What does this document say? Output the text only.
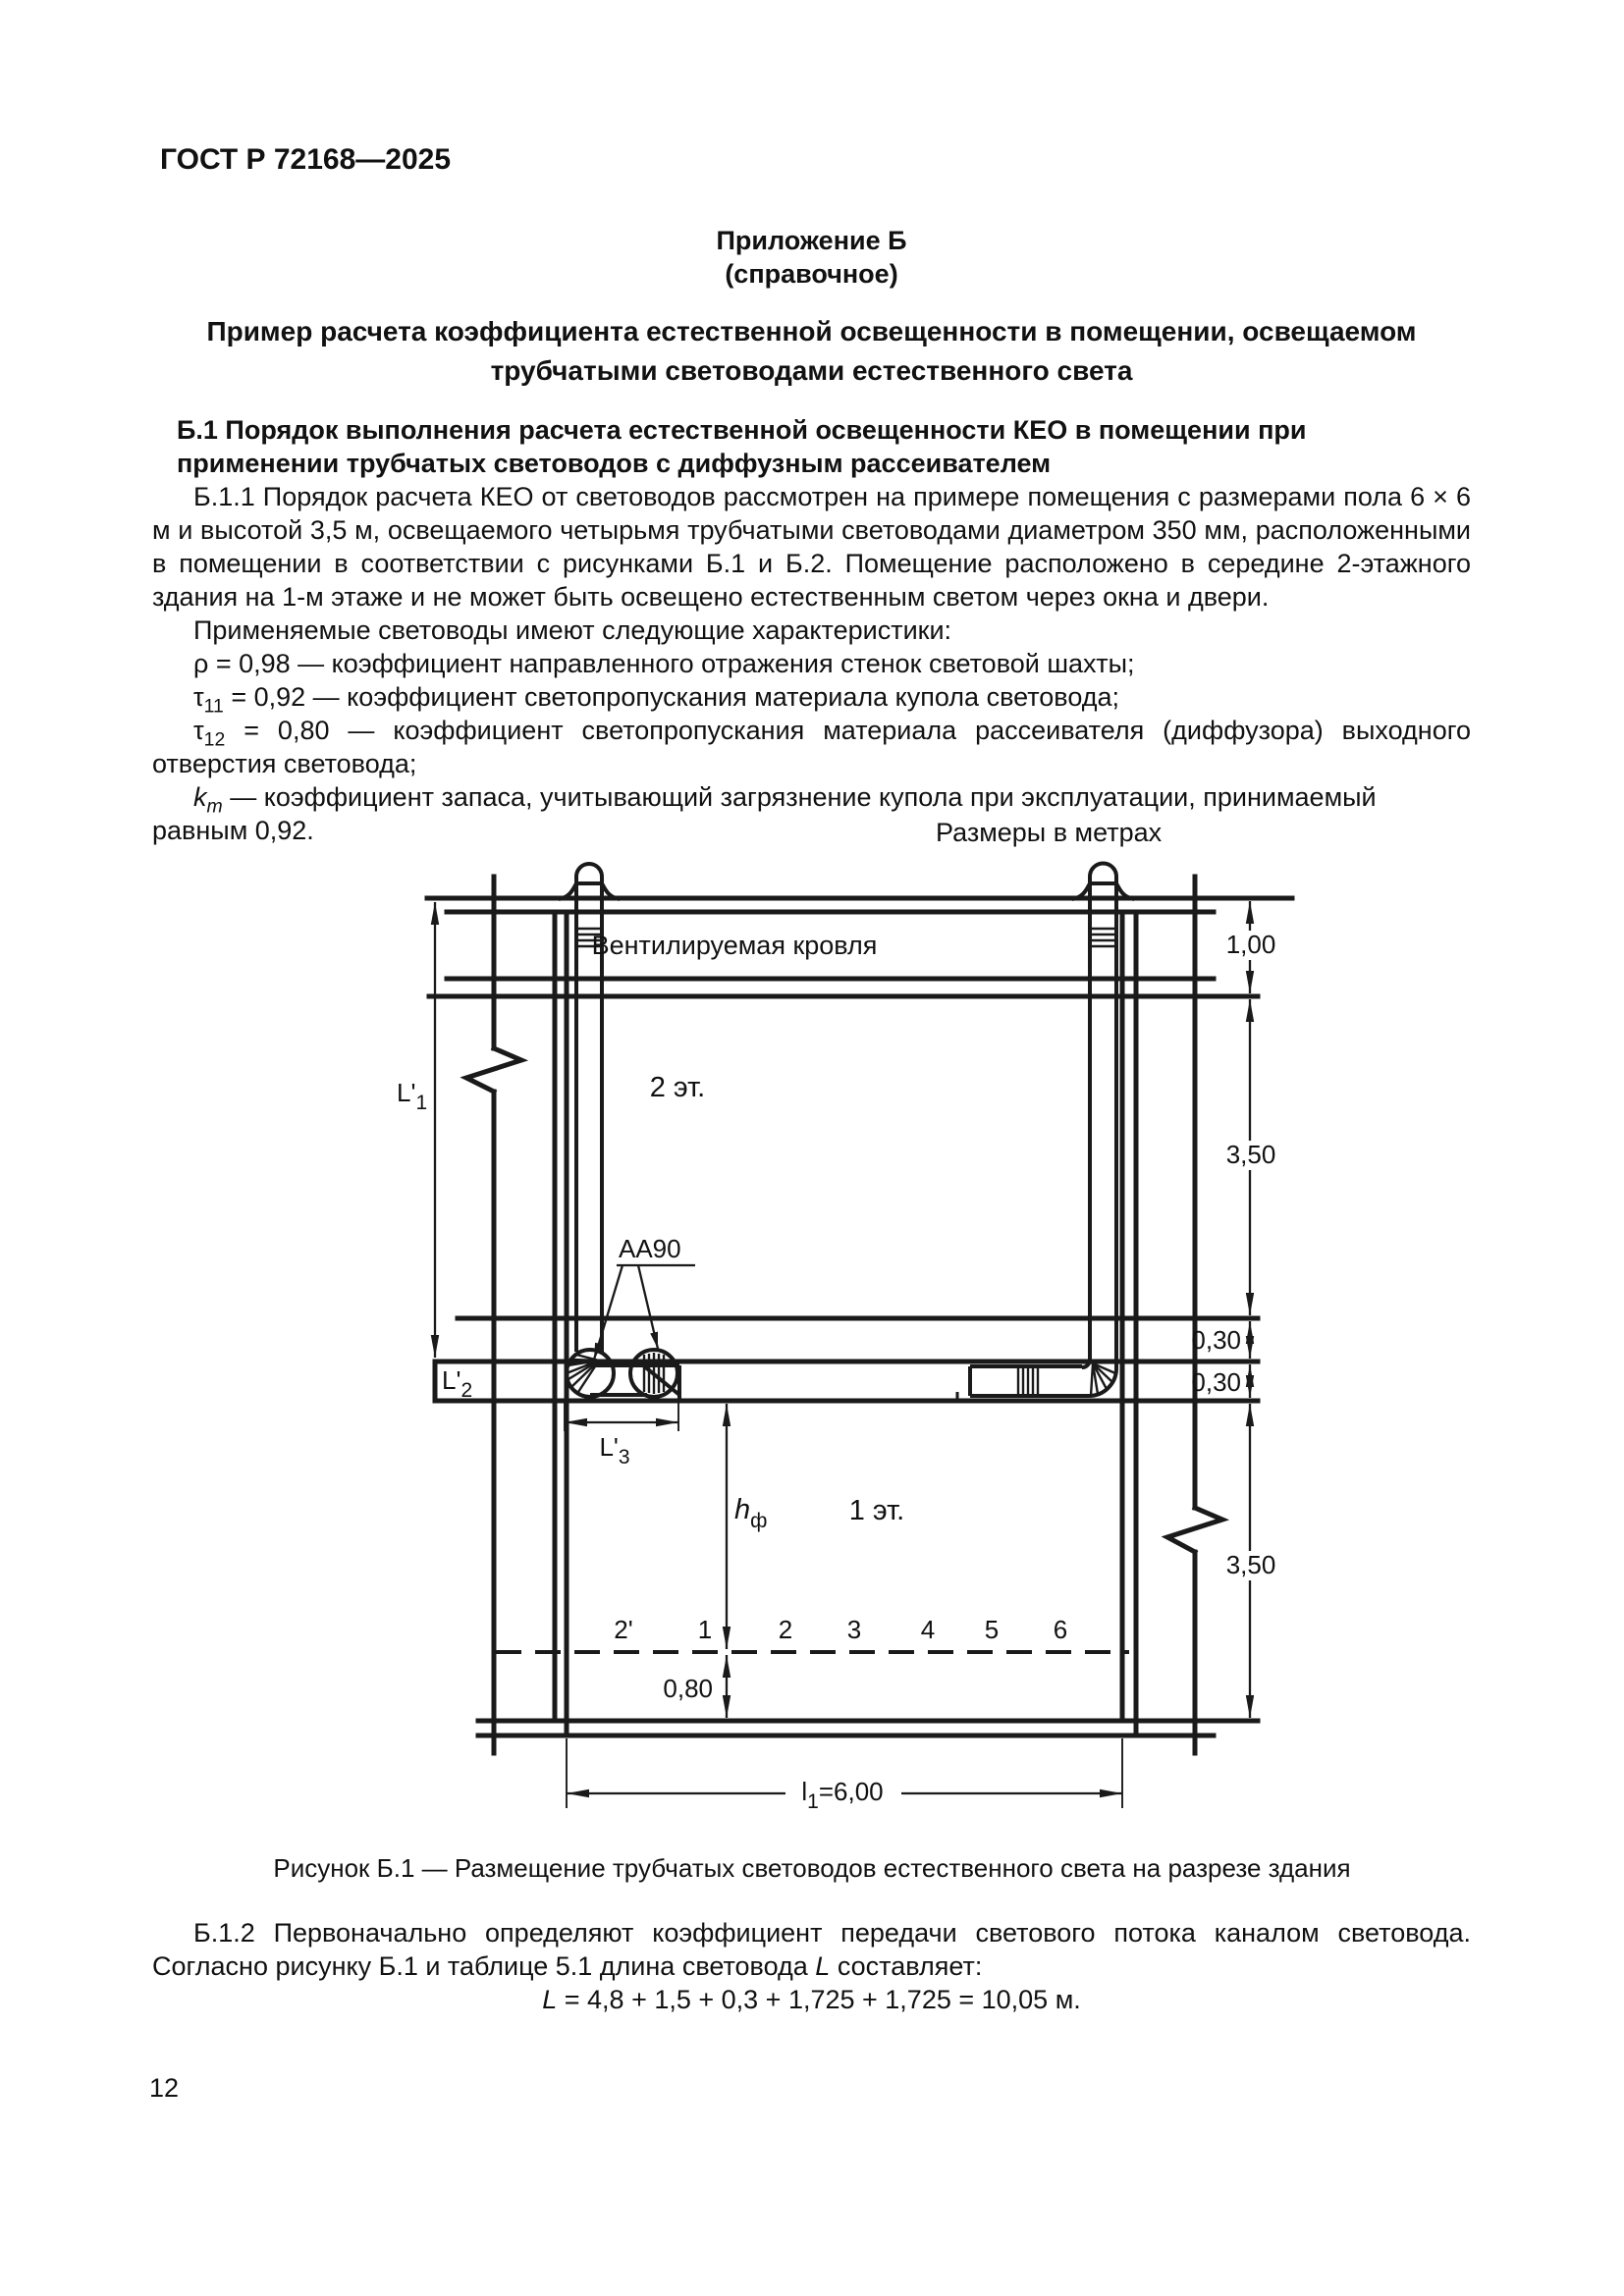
ГОСТ Р 72168—2025
Приложение Б
(справочное)
Пример расчета коэффициента естественной освещенности в помещении, освещаемом трубчатыми световодами естественного света
Б.1 Порядок выполнения расчета естественной освещенности КЕО в помещении при применении трубчатых световодов с диффузным рассеивателем

Б.1.1 Порядок расчета КЕО от световодов рассмотрен на примере помещения с размерами пола 6 × 6 м и высотой 3,5 м, освещаемого четырьмя трубчатыми световодами диаметром 350 мм, расположенными в помещении в соответствии с рисунками Б.1 и Б.2. Помещение расположено в середине 2-этажного здания на 1-м этаже и не может быть освещено естественным светом через окна и двери.

Применяемые световоды имеют следующие характеристики:

ρ = 0,98 — коэффициент направленного отражения стенок световой шахты;

$\tau_{11} = 0,92$ — коэффициент светопропускания материала купола световода;

$\tau_{12} = 0,80$ — коэффициент светопропускания материала рассеивателя (диффузора) выходного отверстия световода;

$k_m$ — коэффициент запаса, учитывающий загрязнение купола при эксплуатации, принимаемый равным 0,92.	Размеры в метрах
Вентилируемая кровля
2 эт.
1 эт.
AA90
1,00
3,50
0,30
0,30
3,50
0,80
$l_1=6,00$
$L'_1$
$L'_2$
$L'_3$
$h_ф$
2'	1	2 3 4 5 6
Рисунок Б.1 — Размещение трубчатых световодов естественного света на разрезе здания

Б.1.2 Первоначально определяют коэффициент передачи светового потока каналом световода. Согласно рисунку Б.1 и таблице 5.1 длина световода L составляет:

L = 4,8 + 1,5 + 0,3 + 1,725 + 1,725 = 10,05 м.
12
